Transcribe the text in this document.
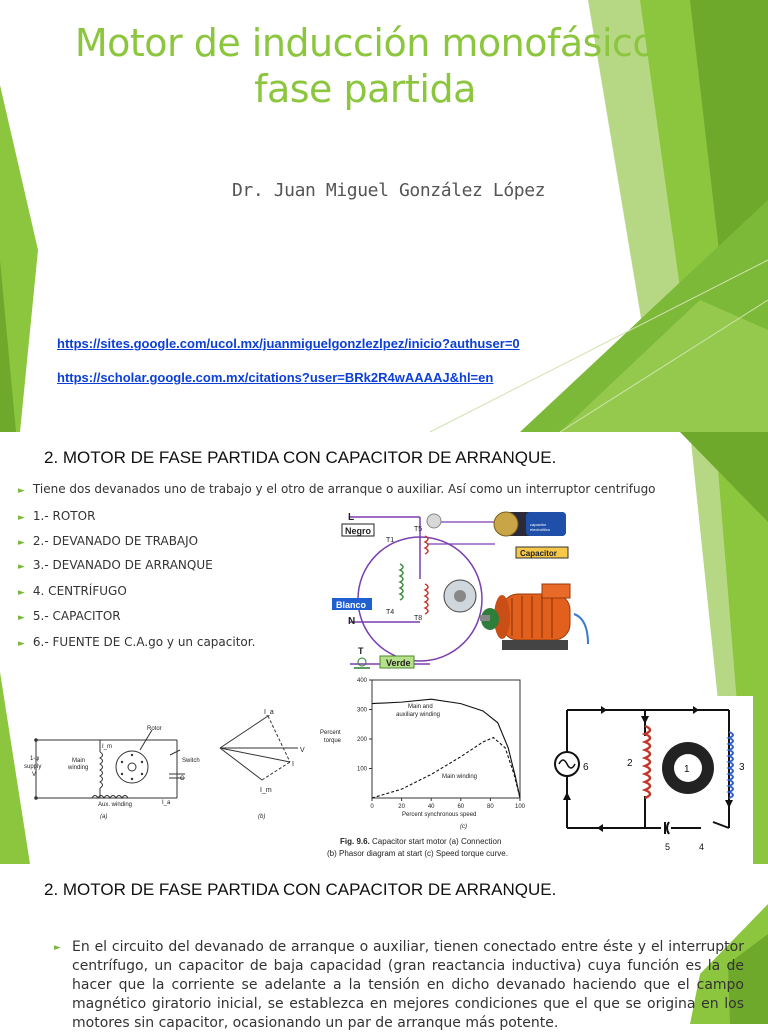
Motor de inducción monofásico
fase partida
Dr. Juan Miguel González López
https://sites.google.com/ucol.mx/juanmiguelgonzlezlpez/inicio?authuser=0
https://scholar.google.com.mx/citations?user=BRk2R4wAAAAJ&hl=en
2. MOTOR DE FASE PARTIDA CON CAPACITOR DE ARRANQUE.
► Tiene dos devanados uno de trabajo y el otro de arranque o auxiliar. Así como un interruptor centrifugo
► 1.- ROTOR
► 2.- DEVANADO DE TRABAJO
► 3.- DEVANADO DE ARRANQUE
► 4. CENTRÍFUGO
► 5.- CAPACITOR
► 6.- FUENTE DE C.A.go y un capacitor.
L
Negro
T1
T5
Blanco
N
T4
T8
T
Verde
capacitor
electrolitico
Capacitor
1-φ
supply
V
Main
winding
Rotor
Switch
C
I_m
I_a
Aux. winding
(a)
I_a
V
I
I_m
(b)
400
300
200
100
0	20	40	60	80	100
Percent
torque
Percent synchronous speed
Main and
auxiliary winding
Main winding
(c)
Fig. 9.6. Capacitor start motor (a) Connection
(b) Phasor diagram at start (c) Speed torque curve.
6	2
1	3
5	4
2. MOTOR DE FASE PARTIDA CON CAPACITOR DE ARRANQUE.
► En el circuito del devanado de arranque o auxiliar, tienen conectado entre éste y el interruptor centrífugo, un capacitor de baja capacidad (gran reactancia inductiva) cuya función es la de hacer que la corriente se adelante a la tensión en dicho devanado haciendo que el campo magnético giratorio inicial, se establezca en mejores condiciones que el que se origina en los motores sin capacitor, ocasionando un par de arranque más potente.
